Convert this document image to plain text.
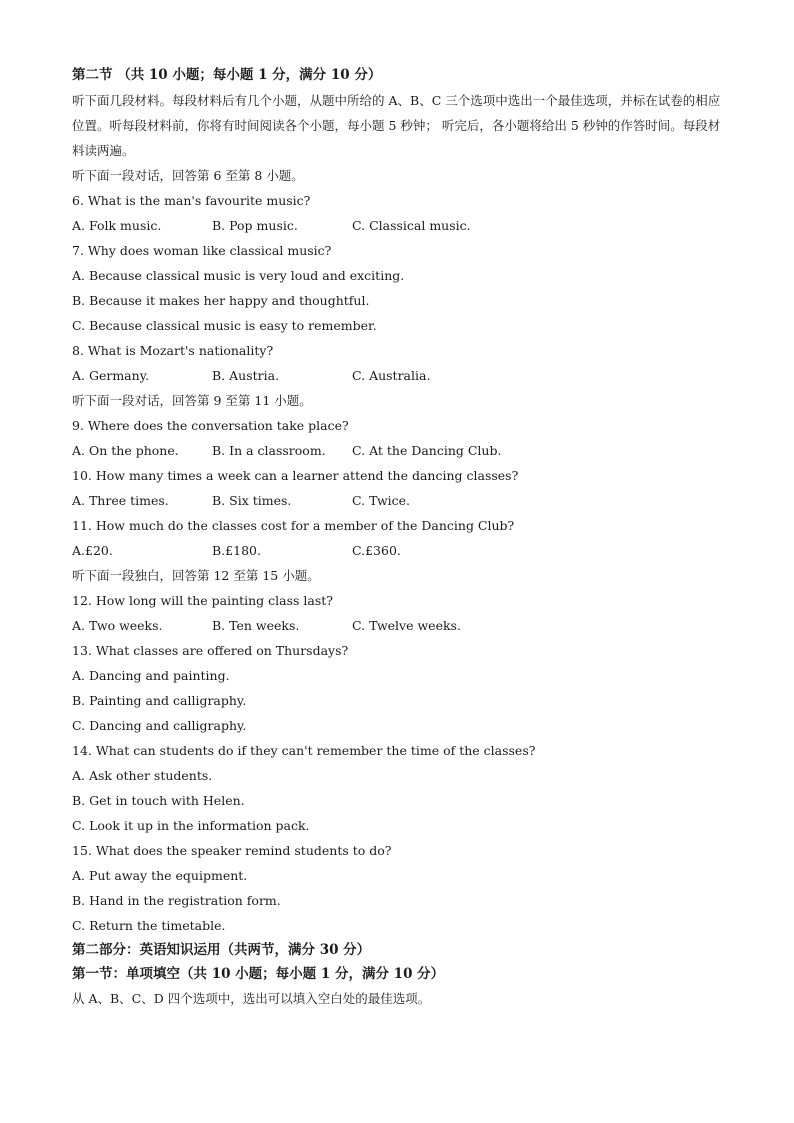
第二节 （共 10 小题；每小题 1 分，满分 10 分）
听下面几段材料。每段材料后有几个小题，从题中所给的 A、B、C 三个选项中选出一个最佳选项，并标在试卷的相应位置。听每段材料前，你将有时间阅读各个小题，每小题 5 秒钟； 听完后，各小题将给出 5 秒钟的作答时间。每段材料读两遍。
听下面一段对话，回答第 6 至第 8 小题。
6. What is the man's favourite music?
A. Folk music.	B. Pop music.	C. Classical music.
7. Why does woman like classical music?
A. Because classical music is very loud and exciting.
B. Because it makes her happy and thoughtful.
C. Because classical music is easy to remember.
8. What is Mozart's nationality?
A. Germany.	B. Austria.	C. Australia.
听下面一段对话，回答第 9 至第 11 小题。
9. Where does the conversation take place?
A. On the phone.	B. In a classroom.	C. At the Dancing Club.
10. How many times a week can a learner attend the dancing classes?
A. Three times.	B. Six times.	C. Twice.
11. How much do the classes cost for a member of the Dancing Club?
A.£20.	B.£180.	C.£360.
听下面一段独白，回答第 12 至第 15 小题。
12. How long will the painting class last?
A. Two weeks.	B. Ten weeks.	C. Twelve weeks.
13. What classes are offered on Thursdays?
A. Dancing and painting.
B. Painting and calligraphy.
C. Dancing and calligraphy.
14. What can students do if they can't remember the time of the classes?
A. Ask other students.
B. Get in touch with Helen.
C. Look it up in the information pack.
15. What does the speaker remind students to do?
A. Put away the equipment.
B. Hand in the registration form.
C. Return the timetable.
第二部分：英语知识运用（共两节，满分 30 分）
第一节：单项填空（共 10 小题；每小题 1 分，满分 10 分）
从 A、B、C、D 四个选项中，选出可以填入空白处的最佳选项。
